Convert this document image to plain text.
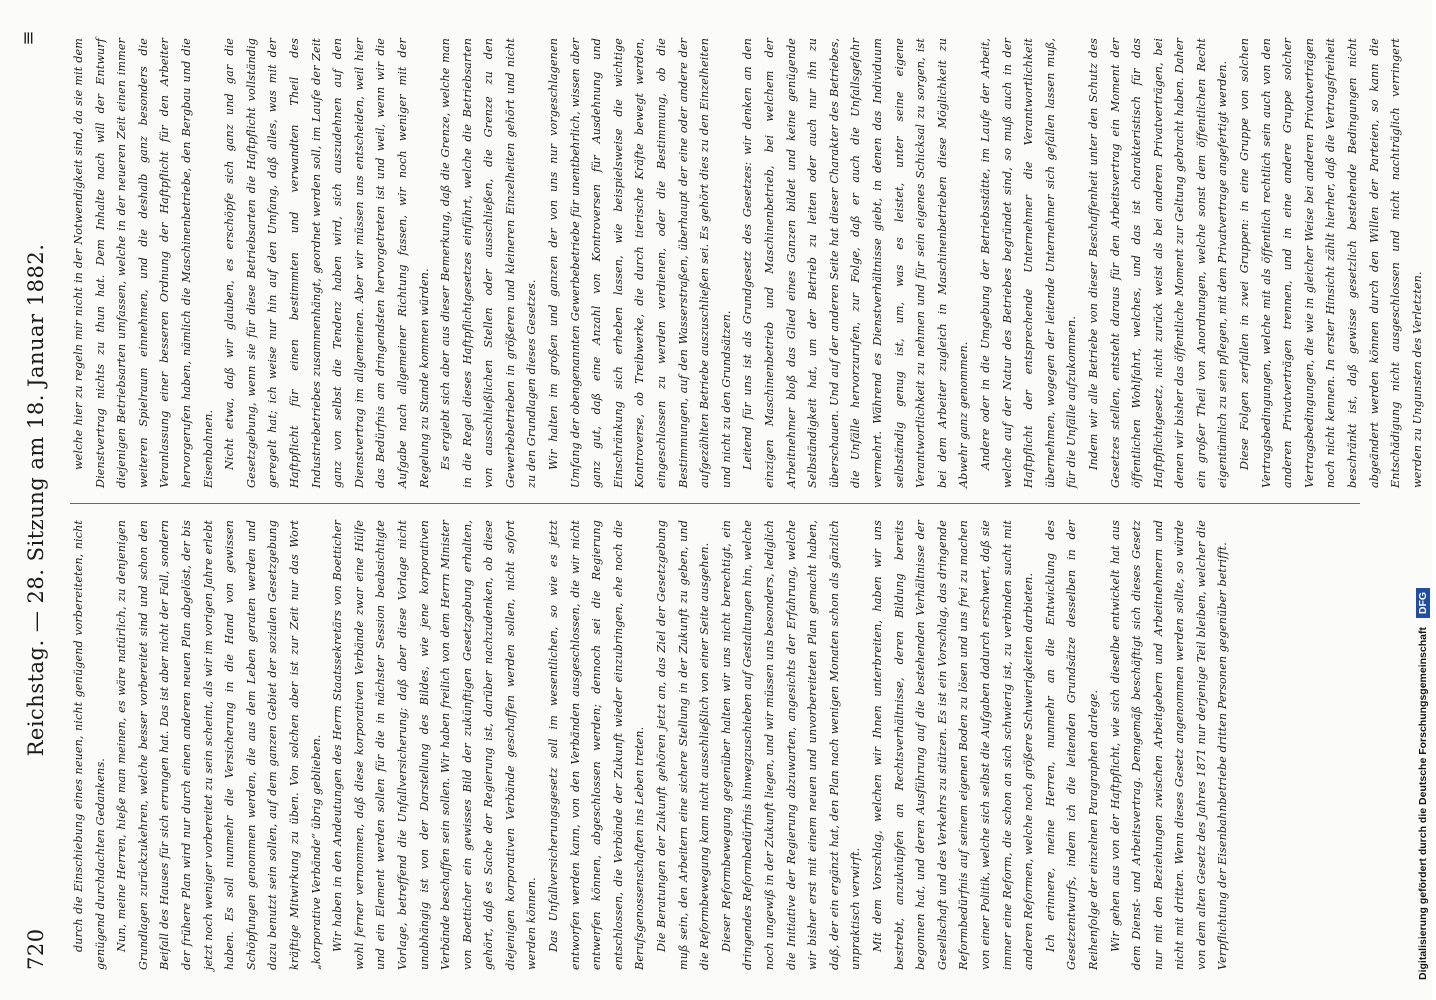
720
Reichstag. — 28. Sitzung am 18. Januar 1882.
≡

durch die Einschiebung eines neuen, nicht genügend vorbereiteten, nicht genügend durchdachten Gedankens. Nun, meine Herren, hieße man meinen, es wäre natürlich, zu denjenigen Grundlagen zurückzukehren, welche besser vorbereitet sind und schon den Beifall des Hauses für sich errungen hat. Das ist aber nicht der Fall, sondern der frühere Plan wird nur durch einen anderen neuen Plan abgelöst, der bis jetzt noch weniger vorbereitet zu sein scheint, als wir im vorigen Jahre erlebt haben. Es soll nunmehr die Versicherung in die Hand von gewissen Schöpfungen genommen werden, die aus dem Leben geraten werden und dazu benutzt sein sollen, auf dem ganzen Gebiet der sozialen Gesetzgebung kräftige Mitwirkung zu üben. Von solchen aber ist zur Zeit nur das Wort „korporative Verbände“ übrig geblieben. Wir haben in den Andeutungen des Herrn Staatssekretärs von Boetticher wohl ferner vernommen, daß diese korporativen Verbände zwar eine Hülfe und ein Element werden sollen für die in nächster Session beabsichtigte Vorlage, betreffend die Unfallversicherung; daß aber diese Vorlage nicht unabhängig ist von der Darstellung des Bildes, wie jene korporativen Verbände beschaffen sein sollen. Wir haben freilich von dem Herrn Minister von Boetticher ein gewisses Bild der zukünftigen Gesetzgebung erhalten, gehört, daß es Sache der Regierung ist, darüber nachzudenken, ob diese diejenigen korporativen Verbände geschaffen werden sollen, nicht sofort werden können. Das Unfallversicherungsgesetz soll im wesentlichen, so wie es jetzt entworfen werden kann, von den Verbänden ausgeschlossen, die wir nicht entwerfen können, abgeschlossen werden; dennoch sei die Regierung entschlossen, die Verbände der Zukunft wieder einzubringen, ehe noch die Berufsgenossenschaften ins Leben treten. Die Beratungen der Zukunft gehören jetzt an, das Ziel der Gesetzgebung muß sein, den Arbeitern eine sichere Stellung in der Zukunft zu geben, und die Reformbewegung kann nicht ausschließlich von einer Seite ausgehen. Dieser Reformbewegung gegenüber halten wir uns nicht berechtigt, ein dringendes Reformbedürfnis hinwegzuschieben auf Gestaltungen hin, welche noch ungewiß in der Zukunft liegen, und wir müssen uns besonders, lediglich die Initiative der Regierung abzuwarten, angesichts der Erfahrung, welche wir bisher erst mit einem neuen und unvorbereiteten Plan gemacht haben, daß, der ein ergänzt hat, den Plan nach wenigen Monaten schon als gänzlich unpraktisch verwirft. Mit dem Vorschlag, welchen wir Ihnen unterbreiten, haben wir uns bestrebt, anzuknüpfen an Rechtsverhältnisse, deren Bildung bereits begonnen hat, und deren Ausführung auf die bestehenden Verhältnisse der Gesellschaft und des Verkehrs zu stützen. Es ist ein Vorschlag, das dringende Reformbedürfnis auf seinem eigenen Boden zu lösen und uns frei zu machen von einer Politik, welche sich selbst die Aufgaben dadurch erschwert, daß sie immer eine Reform, die schon an sich schwierig ist, zu verbinden sucht mit anderen Reformen, welche noch größere Schwierigkeiten darbieten. Ich erinnere, meine Herren, nunmehr an die Entwicklung des Gesetzentwurfs, indem ich die leitenden Grundsätze desselben in der Reihenfolge der einzelnen Paragraphen darlege. Wir gehen aus von der Haftpflicht, wie sich dieselbe entwickelt hat aus dem Dienst- und Arbeitsvertrag. Demgemäß beschäftigt sich dieses Gesetz nur mit den Beziehungen zwischen Arbeitgebern und Arbeitnehmern und nicht mit dritten. Wenn dieses Gesetz angenommen werden sollte, so würde von dem alten Gesetz des Jahres 1871 nur derjenige Teil bleiben, welcher die Verpflichtung der Eisenbahnbetriebe dritten Personen gegenüber betrifft.

welche hier zu regeln mir nicht in der Notwendigkeit sind, da sie mit dem Dienstvertrag nichts zu thun hat. Dem Inhalte nach will der Entwurf diejenigen Betriebsarten umfassen, welche in der neueren Zeit einen immer weiteren Spielraum einnehmen, und die deshalb ganz besonders die Veranlassung einer besseren Ordnung der Haftpflicht für den Arbeiter hervorgerufen haben, nämlich die Maschinenbetriebe, den Bergbau und die Eisenbahnen. Nicht etwa, daß wir glauben, es erschöpfe sich ganz und gar die Gesetzgebung, wenn sie für diese Betriebsarten die Haftpflicht vollständig geregelt hat; ich weise nur hin auf den Umfang, daß alles, was mit der Haftpflicht für einen bestimmten und verwandten Theil des Industriebetriebes zusammenhängt, geordnet werden soll, im Laufe der Zeit ganz von selbst die Tendenz haben wird, sich auszudehnen auf den Dienstvertrag im allgemeinen. Aber wir müssen uns entscheiden, weil hier das Bedürfnis am dringendsten hervorgetreten ist und weil, wenn wir die Aufgabe nach allgemeiner Richtung fassen, wir noch weniger mit der Regelung zu Stande kommen würden. Es ergiebt sich aber aus dieser Bemerkung, daß die Grenze, welche man in die Regel dieses Haftpflichtgesetzes einführt, welche die Betriebsarten von ausschließlichen Stellen oder ausschließen, die Grenze zu den Gewerbebetrieben in größeren und kleineren Einzelheiten gehört und nicht zu den Grundlagen dieses Gesetzes. Wir halten im großen und ganzen der von uns nur vorgeschlagenen Umfang der obengenannten Gewerbebetriebe für unentbehrlich, wissen aber ganz gut, daß eine Anzahl von Kontroversen für Ausdehnung und Einschränkung sich erheben lassen, wie beispielsweise die wichtige Kontroverse, ob Treibwerke, die durch tierische Kräfte bewegt werden, eingeschlossen zu werden verdienen, oder die Bestimmung, ob die Bestimmungen, auf den Wasserstraßen, überhaupt der eine oder andere der aufgezählten Betriebe auszuschließen sei. Es gehört dies zu den Einzelheiten und nicht zu den Grundsätzen. Leitend für uns ist als Grundgesetz des Gesetzes: wir denken an den einzigen Maschinenbetrieb und Maschinenbetrieb, bei welchem der Arbeitnehmer bloß das Glied eines Ganzen bildet und keine genügende Selbständigkeit hat, um der Betrieb zu leiten oder auch nur ihn zu überschauen. Und auf der anderen Seite hat dieser Charakter des Betriebes, die Unfälle hervorzurufen, zur Folge, daß er auch die Unfallsgefahr vermehrt. Während es Dienstverhältnisse giebt, in denen das Individuum selbständig genug ist, um, was es leistet, unter seine eigene Verantwortlichkeit zu nehmen und für sein eigenes Schicksal zu sorgen, ist bei dem Arbeiter zugleich in Maschinenbetrieben diese Möglichkeit zu Abwehr ganz genommen. Andere oder in die Umgebung der Betriebsstätte, im Laufe der Arbeit, welche auf der Natur des Betriebes begründet sind, so muß auch in der Haftpflicht der entsprechende Unternehmer die Verantwortlichkeit übernehmen, wogegen der leitende Unternehmer sich gefallen lassen muß, für die Unfälle aufzukommen. Indem wir alle Betriebe von dieser Beschaffenheit unter den Schutz des Gesetzes stellen, entsteht daraus für den Arbeitsvertrag ein Moment der öffentlichen Wohlfahrt, welches, und das ist charakteristisch für das Haftpflichtgesetz, nicht zurück weist als bei anderen Privatverträgen, bei denen wir bisher das öffentliche Moment zur Geltung gebracht haben. Daher ein großer Theil von Anordnungen, welche sonst dem öffentlichen Recht eigentümlich zu sein pflegen, mit dem Privatvertrage angefertigt werden. Diese Folgen zerfallen in zwei Gruppen: in eine Gruppe von solchen Vertragsbedingungen, welche mit als öffentlich rechtlich sein auch von den anderen Privatverträgen trennen, und in eine andere Gruppe solcher Vertragsbedingungen, die wie in gleicher Weise bei anderen Privatverträgen noch nicht kennen. In erster Hinsicht zählt hierher, daß die Vertragsfreiheit beschränkt ist, daß gewisse gesetzlich bestehende Bedingungen nicht abgeändert werden können durch den Willen der Parteien, so kann die Entschädigung nicht ausgeschlossen und nicht nachträglich verringert werden zu Ungunsten des Verletzten.

Digitalisierung gefördert durch die Deutsche Forschungsgemeinschaft DFG
